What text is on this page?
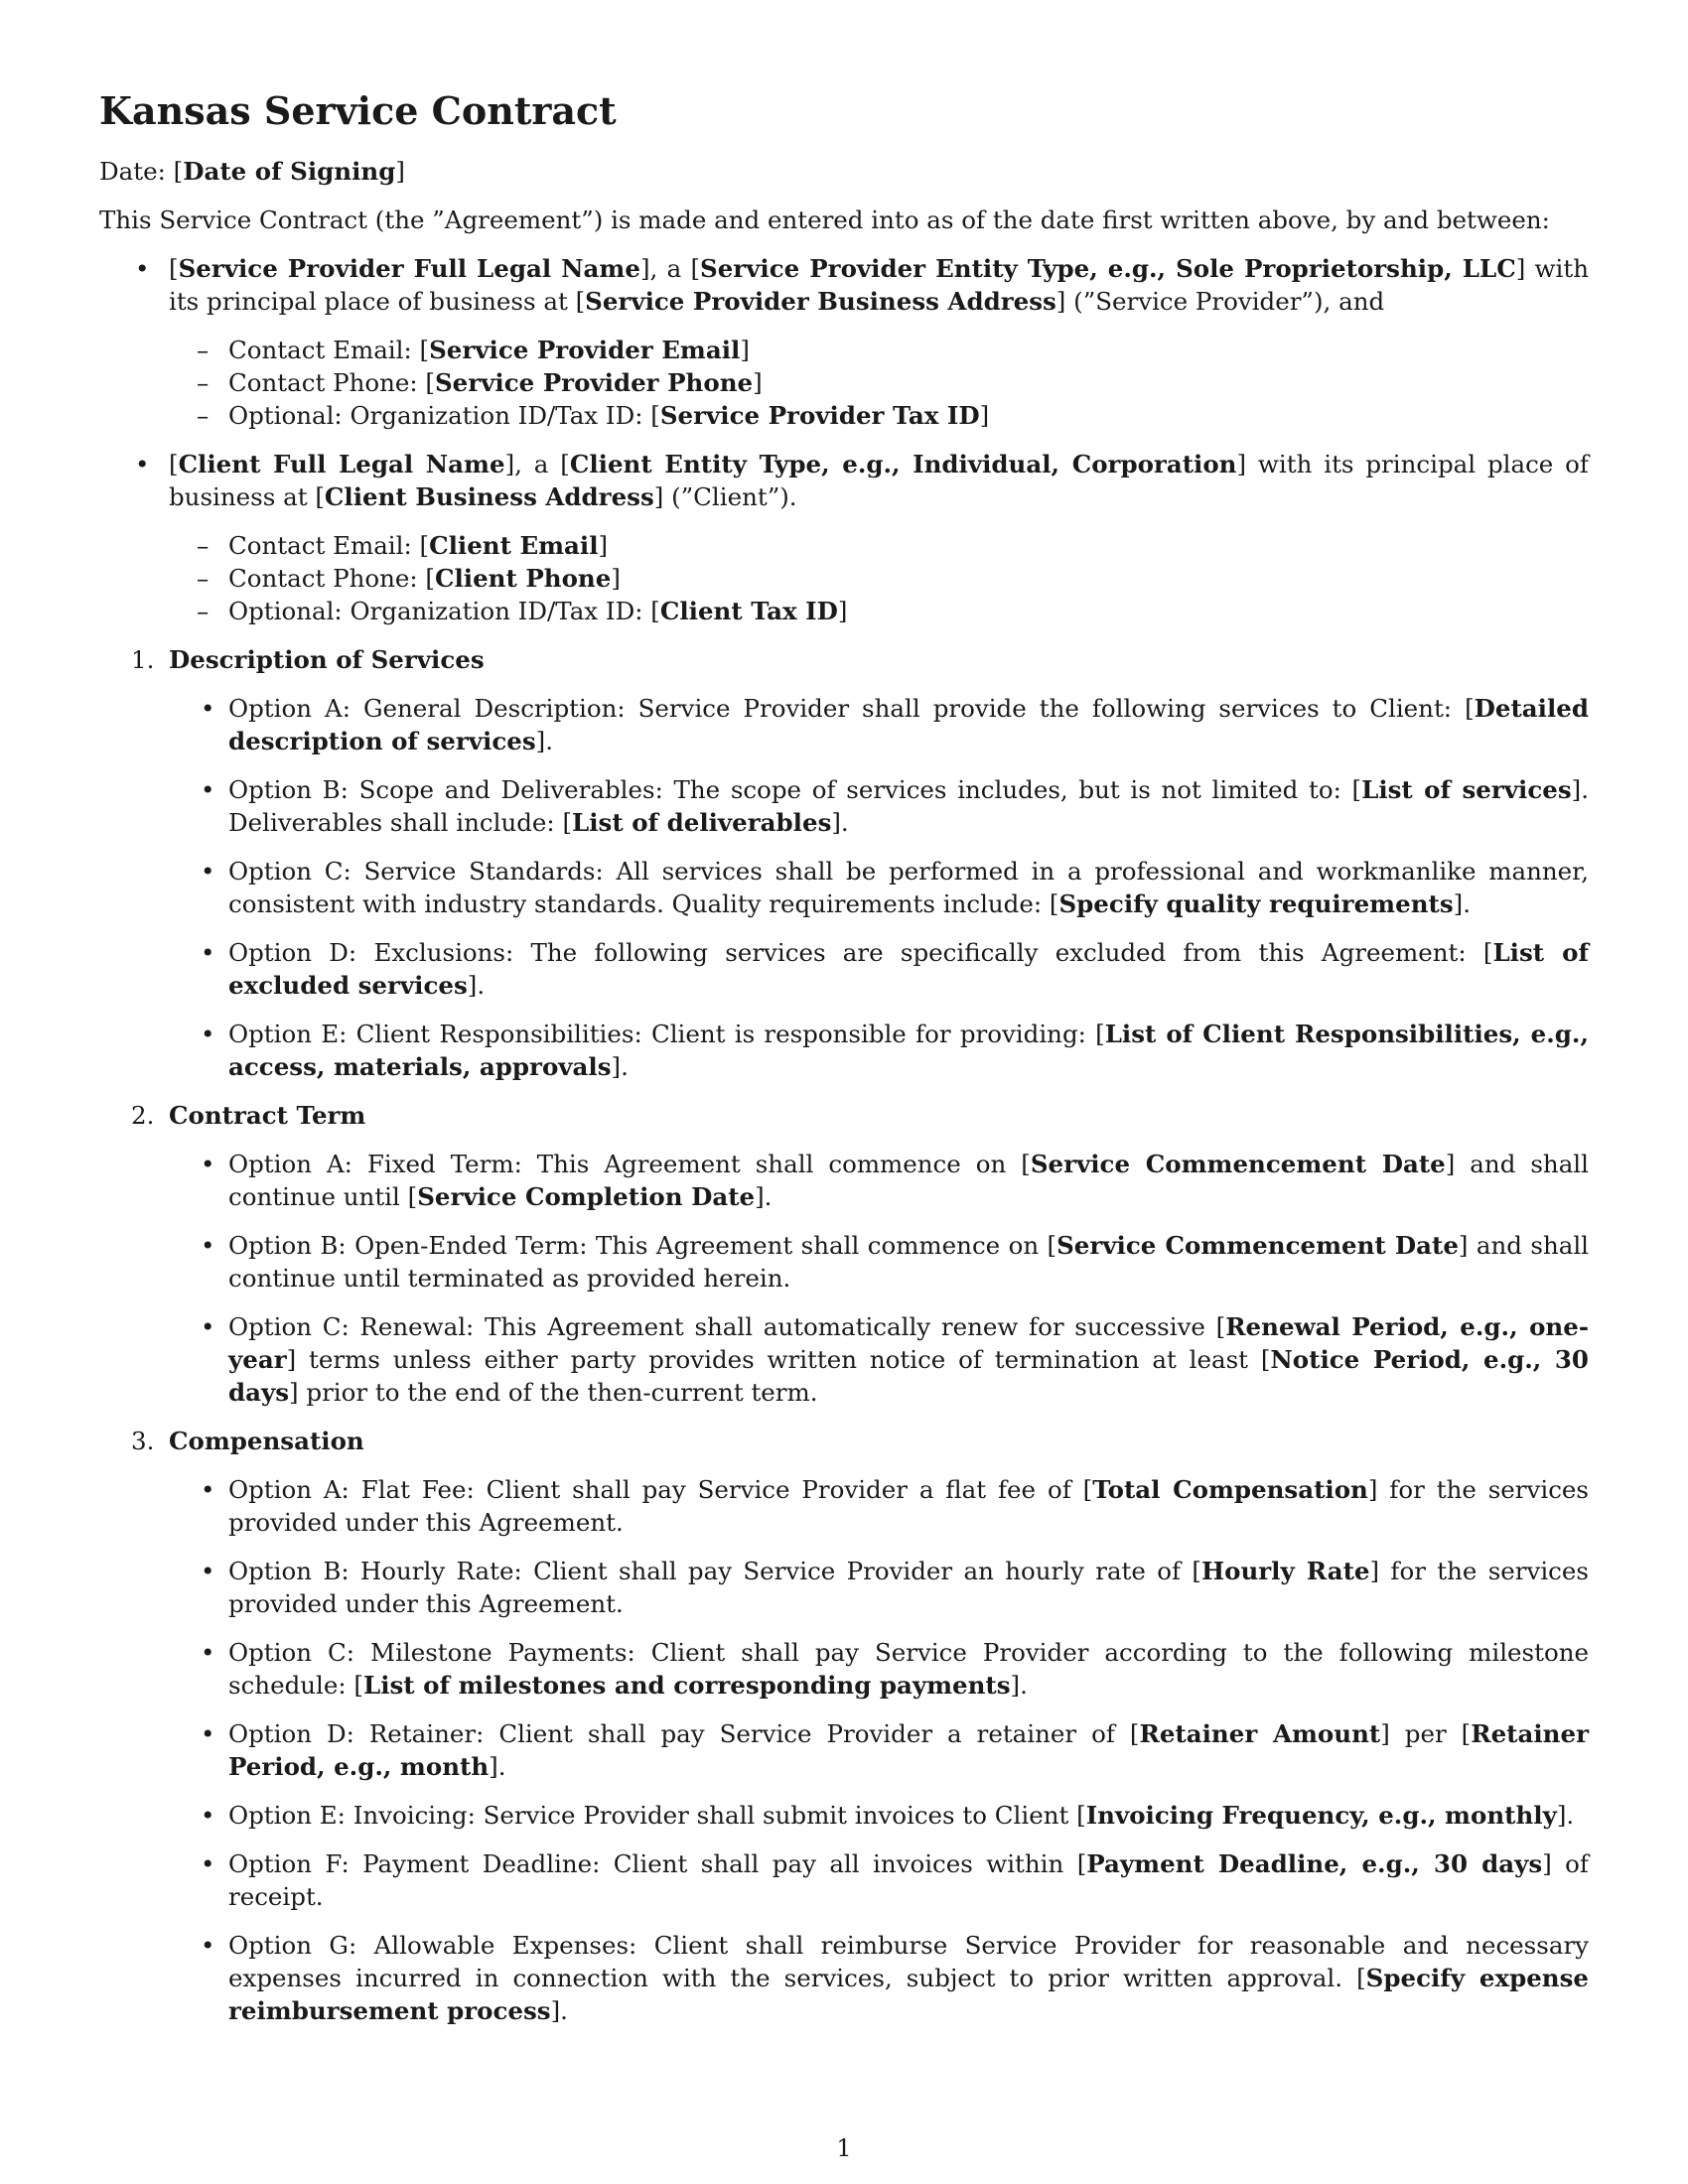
Kansas Service Contract

Date: [Date of Signing]

This Service Contract (the ”Agreement”) is made and entered into as of the date first written above, by and between:

• [Service Provider Full Legal Name], a [Service Provider Entity Type, e.g., Sole Proprietorship, LLC] with its principal place of business at [Service Provider Business Address] (”Service Provider”), and
– Contact Email: [Service Provider Email]
– Contact Phone: [Service Provider Phone]
– Optional: Organization ID/Tax ID: [Service Provider Tax ID]
• [Client Full Legal Name], a [Client Entity Type, e.g., Individual, Corporation] with its principal place of business at [Client Business Address] (”Client”).
– Contact Email: [Client Email]
– Contact Phone: [Client Phone]
– Optional: Organization ID/Tax ID: [Client Tax ID]
1. Description of Services
• Option A: General Description: Service Provider shall provide the following services to Client: [Detailed description of services].
• Option B: Scope and Deliverables: The scope of services includes, but is not limited to: [List of services]. Deliverables shall include: [List of deliverables].
• Option C: Service Standards: All services shall be performed in a professional and workmanlike manner, consistent with industry standards. Quality requirements include: [Specify quality requirements].
• Option D: Exclusions: The following services are specifically excluded from this Agreement: [List of excluded services].
• Option E: Client Responsibilities: Client is responsible for providing: [List of Client Responsibilities, e.g., access, materials, approvals].
2. Contract Term
• Option A: Fixed Term: This Agreement shall commence on [Service Commencement Date] and shall continue until [Service Completion Date].
• Option B: Open-Ended Term: This Agreement shall commence on [Service Commencement Date] and shall continue until terminated as provided herein.
• Option C: Renewal: This Agreement shall automatically renew for successive [Renewal Period, e.g., one-year] terms unless either party provides written notice of termination at least [Notice Period, e.g., 30 days] prior to the end of the then-current term.
3. Compensation
• Option A: Flat Fee: Client shall pay Service Provider a flat fee of [Total Compensation] for the services provided under this Agreement.
• Option B: Hourly Rate: Client shall pay Service Provider an hourly rate of [Hourly Rate] for the services provided under this Agreement.
• Option C: Milestone Payments: Client shall pay Service Provider according to the following milestone schedule: [List of milestones and corresponding payments].
• Option D: Retainer: Client shall pay Service Provider a retainer of [Retainer Amount] per [Retainer Period, e.g., month].
• Option E: Invoicing: Service Provider shall submit invoices to Client [Invoicing Frequency, e.g., monthly].
• Option F: Payment Deadline: Client shall pay all invoices within [Payment Deadline, e.g., 30 days] of receipt.
• Option G: Allowable Expenses: Client shall reimburse Service Provider for reasonable and necessary expenses incurred in connection with the services, subject to prior written approval. [Specify expense reimbursement process].
1
